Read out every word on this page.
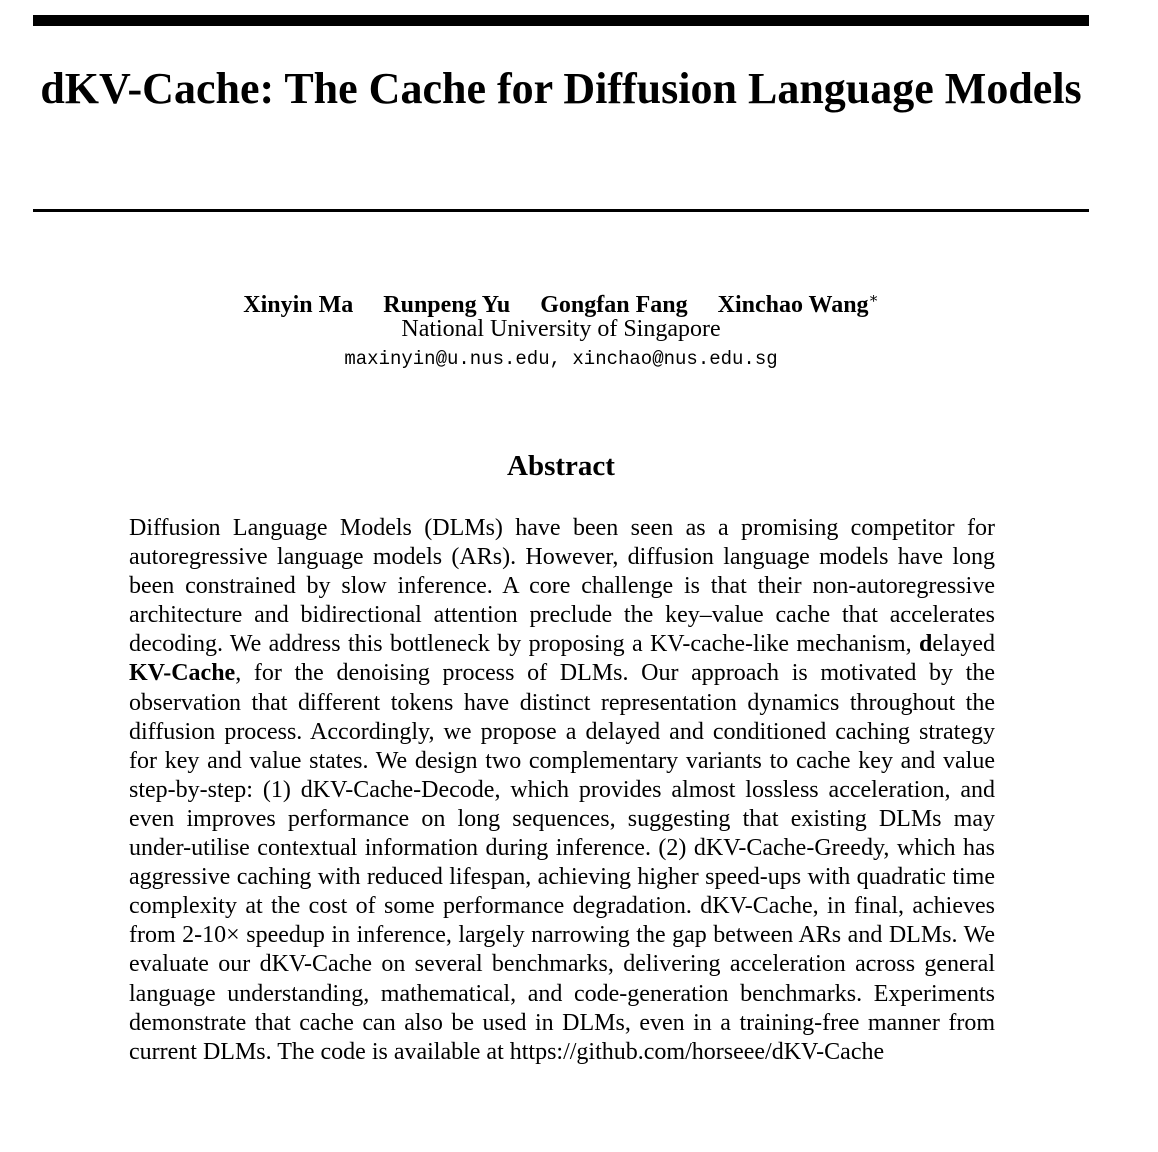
dKV-Cache: The Cache for Diffusion Language Models
Xinyin Ma Runpeng Yu Gongfan Fang Xinchao Wang∗
National University of Singapore
maxinyin@u.nus.edu, xinchao@nus.edu.sg
Abstract

Diffusion Language Models (DLMs) have been seen as a promising competitor for autoregressive language models (ARs). However, diffusion language models have long been constrained by slow inference. A core challenge is that their non-autoregressive architecture and bidirectional attention preclude the key–value cache that accelerates decoding. We address this bottleneck by proposing a KV-cache-like mechanism, delayed KV-Cache, for the denoising process of DLMs. Our approach is motivated by the observation that different tokens have distinct representation dynamics throughout the diffusion process. Accordingly, we propose a delayed and conditioned caching strategy for key and value states. We design two complementary variants to cache key and value step-by-step: (1) dKV-Cache-Decode, which provides almost lossless acceleration, and even improves performance on long sequences, suggesting that existing DLMs may under-utilise contextual information during inference. (2) dKV-Cache-Greedy, which has aggressive caching with reduced lifespan, achieving higher speed-ups with quadratic time complexity at the cost of some performance degradation. dKV-Cache, in final, achieves from 2-10× speedup in inference, largely narrowing the gap between ARs and DLMs. We evaluate our dKV-Cache on several benchmarks, delivering acceleration across general language understanding, mathematical, and code-generation benchmarks. Experiments demonstrate that cache can also be used in DLMs, even in a training-free manner from current DLMs. The code is available at https://github.com/horseee/dKV-Cache
